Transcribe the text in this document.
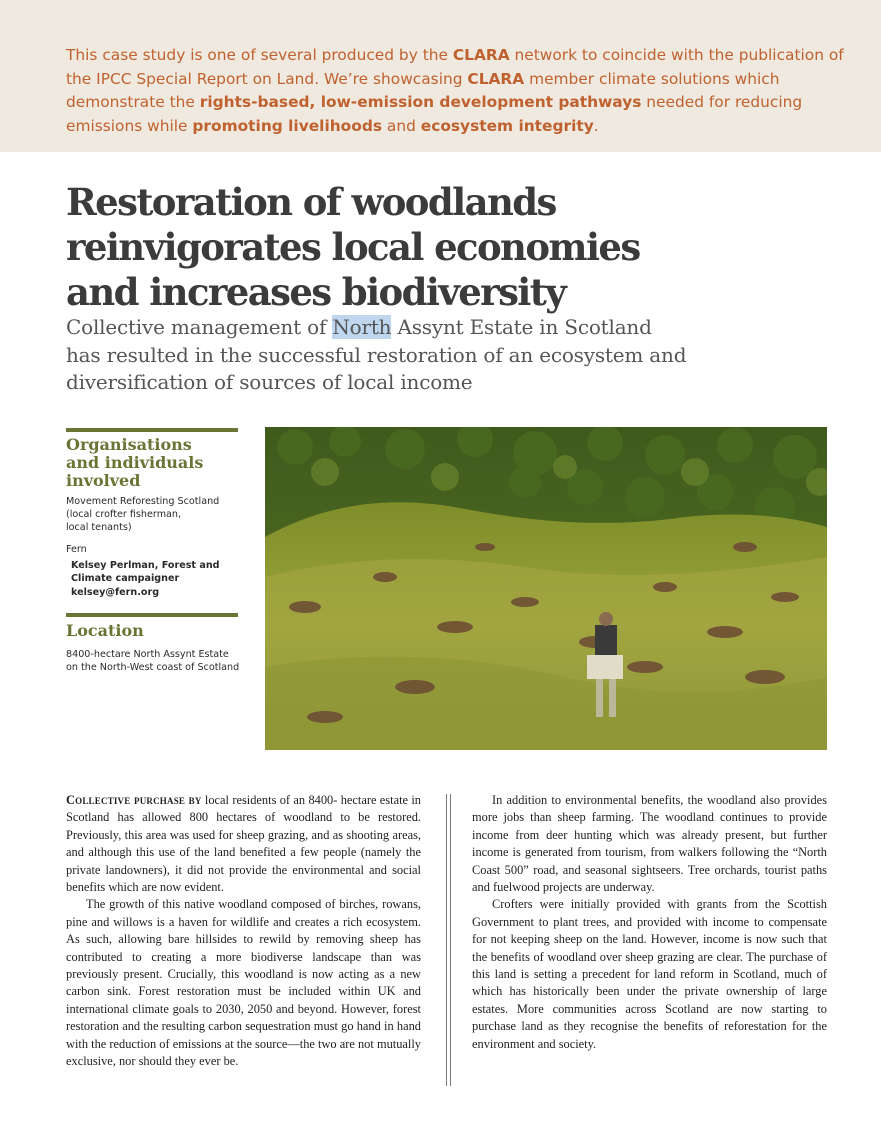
This case study is one of several produced by the CLARA network to coincide with the publication of the IPCC Special Report on Land. We’re showcasing CLARA member climate solutions which demonstrate the rights-based, low-emission development pathways needed for reducing emissions while promoting livelihoods and ecosystem integrity.
Restoration of woodlands
reinvigorates local economies
and increases biodiversity
Collective management of North Assynt Estate in Scotland
has resulted in the successful restoration of an ecosystem and
diversification of sources of local income
Organisations
and individuals
involved
Movement Reforesting Scotland
(local crofter fisherman,
local tenants)
Fern
Kelsey Perlman, Forest and
Climate campaigner
kelsey@fern.org
Location
8400-hectare North Assynt Estate
on the North-West coast of Scotland

Collective purchase by local residents of an 8400- hectare estate in Scotland has allowed 800 hectares of woodland to be restored. Previously, this area was used for sheep grazing, and as shooting areas, and although this use of the land benefited a few people (namely the private landowners), it did not provide the environmental and social benefits which are now evident.

The growth of this native woodland composed of birches, rowans, pine and willows is a haven for wildlife and creates a rich ecosystem. As such, allowing bare hillsides to rewild by removing sheep has contributed to creating a more biodiverse landscape than was previously present. Crucially, this woodland is now acting as a new carbon sink. Forest restoration must be included within UK and international climate goals to 2030, 2050 and beyond. However, forest restoration and the resulting carbon sequestration must go hand in hand with the reduction of emissions at the source—the two are not mutually exclusive, nor should they ever be.

In addition to environmental benefits, the woodland also provides more jobs than sheep farming. The woodland continues to provide income from deer hunting which was already present, but further income is generated from tourism, from walkers following the “North Coast 500” road, and seasonal sightseers. Tree orchards, tourist paths and fuelwood projects are underway.

Crofters were initially provided with grants from the Scottish Government to plant trees, and provided with income to compensate for not keeping sheep on the land. However, income is now such that the benefits of woodland over sheep grazing are clear. The purchase of this land is setting a precedent for land reform in Scotland, much of which has historically been under the private ownership of large estates. More communities across Scotland are now starting to purchase land as they recognise the benefits of reforestation for the environment and society.
